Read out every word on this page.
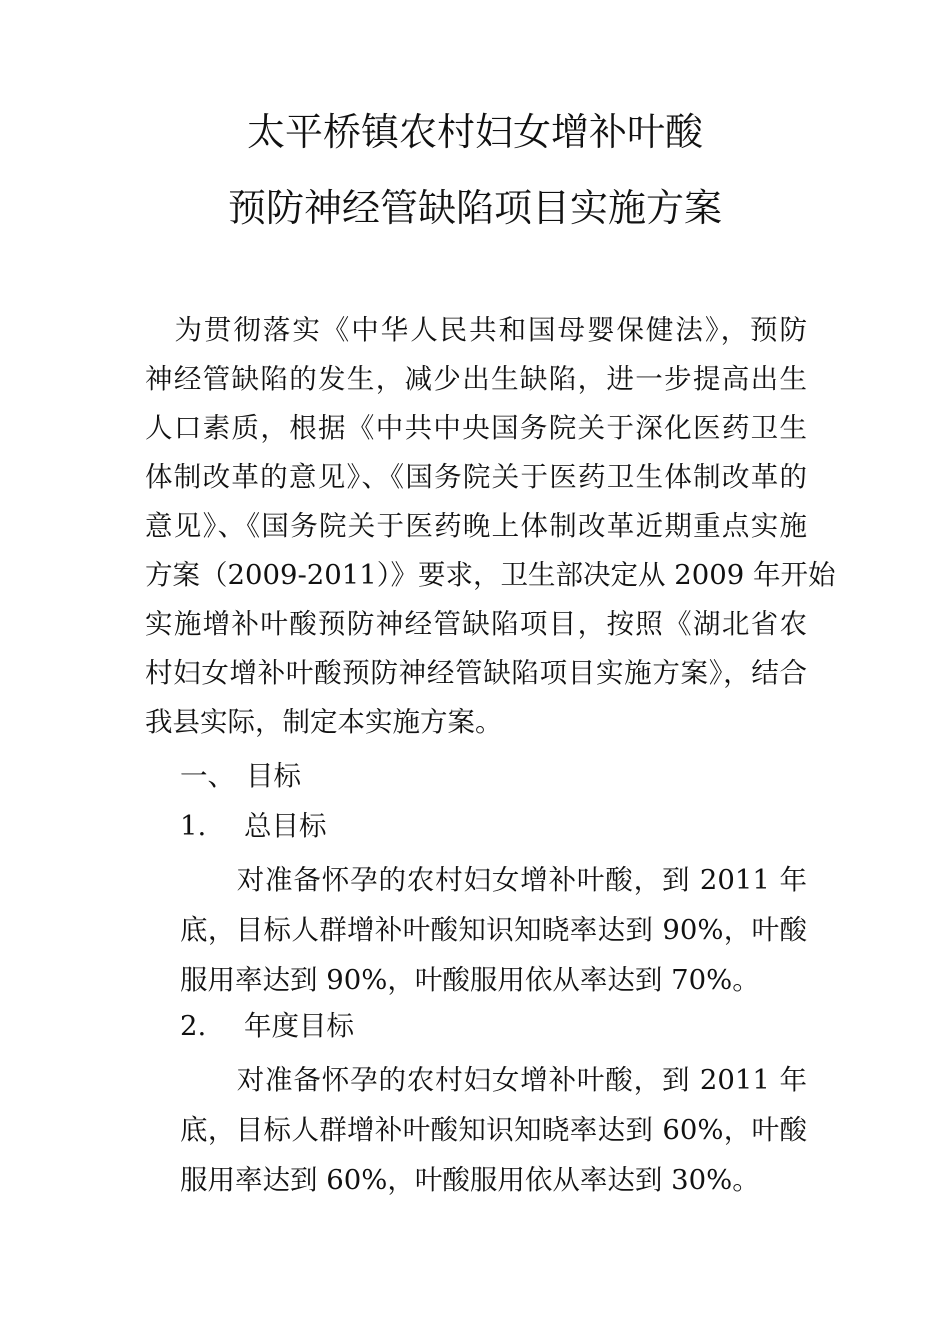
太平桥镇农村妇女增补叶酸
预防神经管缺陷项目实施方案
　为贯彻落实《中华人民共和国母婴保健法》，预防
神经管缺陷的发生，减少出生缺陷，进一步提高出生
人口素质，根据《中共中央国务院关于深化医药卫生
体制改革的意见》、《国务院关于医药卫生体制改革的
意见》、《国务院关于医药晚上体制改革近期重点实施
方案（2009-2011）》要求，卫生部决定从 2009 年开始
实施增补叶酸预防神经管缺陷项目，按照《湖北省农
村妇女增补叶酸预防神经管缺陷项目实施方案》，结合
我县实际，制定本实施方案。
一、 目标
1. 总目标
　　对准备怀孕的农村妇女增补叶酸，到 2011 年
底，目标人群增补叶酸知识知晓率达到 90%，叶酸
服用率达到 90%，叶酸服用依从率达到 70%。
2. 年度目标
　　对准备怀孕的农村妇女增补叶酸，到 2011 年
底，目标人群增补叶酸知识知晓率达到 60%，叶酸
服用率达到 60%，叶酸服用依从率达到 30%。
